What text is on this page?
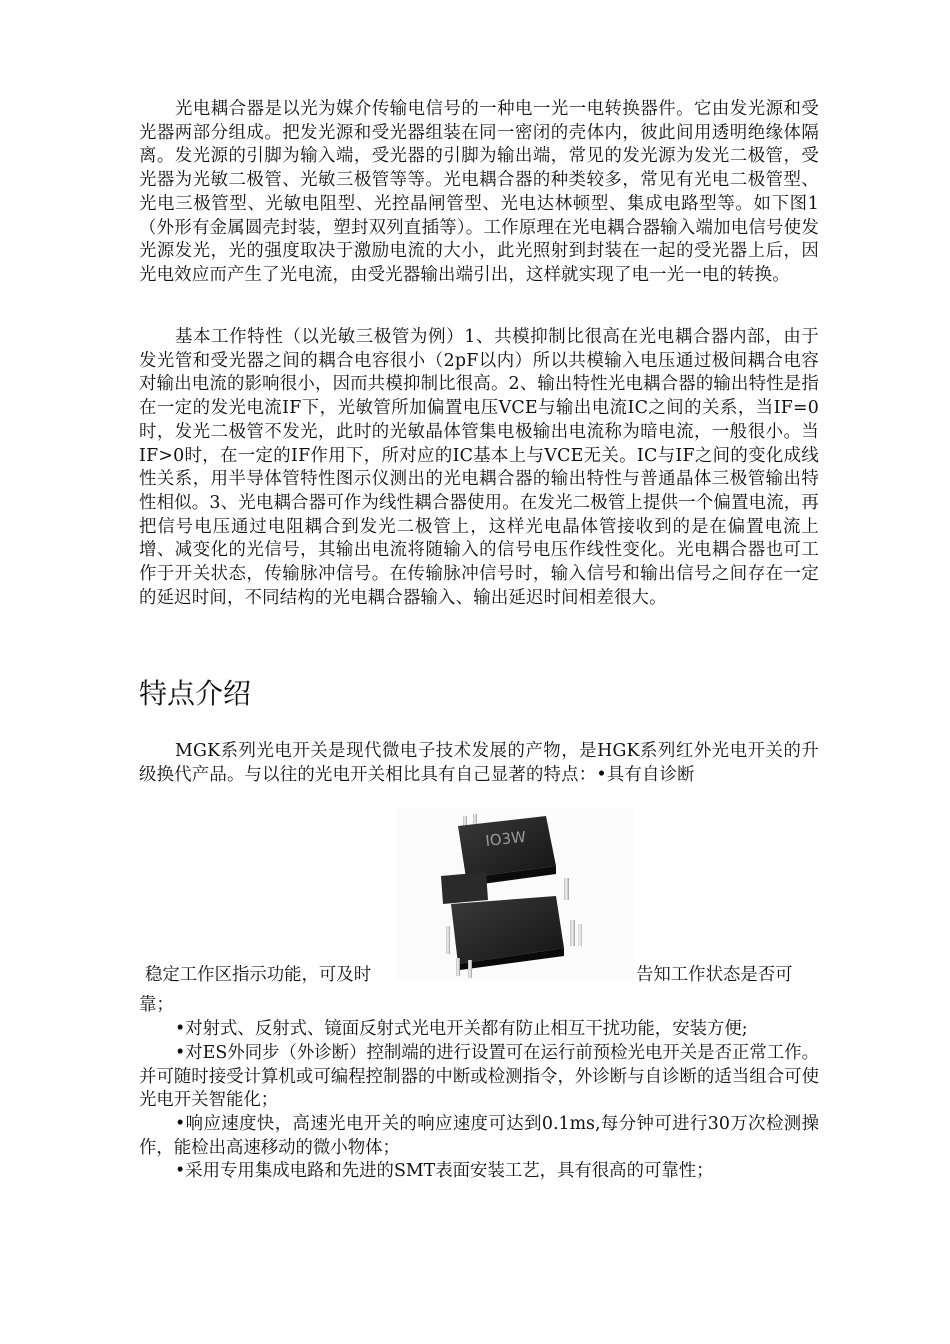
光电耦合器是以光为媒介传输电信号的一种电一光一电转换器件。它由发光源和受光器两部分组成。把发光源和受光器组装在同一密闭的壳体内，彼此间用透明绝缘体隔离。发光源的引脚为输入端，受光器的引脚为输出端，常见的发光源为发光二极管，受光器为光敏二极管、光敏三极管等等。光电耦合器的种类较多，常见有光电二极管型、光电三极管型、光敏电阻型、光控晶闸管型、光电达林顿型、集成电路型等。如下图1（外形有金属圆壳封装，塑封双列直插等）。工作原理在光电耦合器输入端加电信号使发光源发光，光的强度取决于激励电流的大小，此光照射到封装在一起的受光器上后，因光电效应而产生了光电流，由受光器输出端引出，这样就实现了电一光一电的转换。

基本工作特性（以光敏三极管为例）1、共模抑制比很高在光电耦合器内部，由于发光管和受光器之间的耦合电容很小（2pF以内）所以共模输入电压通过极间耦合电容对输出电流的影响很小，因而共模抑制比很高。2、输出特性光电耦合器的输出特性是指在一定的发光电流IF下，光敏管所加偏置电压VCE与输出电流IC之间的关系，当IF=0时，发光二极管不发光，此时的光敏晶体管集电极输出电流称为暗电流，一般很小。当IF>0时，在一定的IF作用下，所对应的IC基本上与VCE无关。IC与IF之间的变化成线性关系，用半导体管特性图示仪测出的光电耦合器的输出特性与普通晶体三极管输出特性相似。3、光电耦合器可作为线性耦合器使用。在发光二极管上提供一个偏置电流，再把信号电压通过电阻耦合到发光二极管上，这样光电晶体管接收到的是在偏置电流上增、减变化的光信号，其输出电流将随输入的信号电压作线性变化。光电耦合器也可工作于开关状态，传输脉冲信号。在传输脉冲信号时，输入信号和输出信号之间存在一定的延迟时间，不同结构的光电耦合器输入、输出延迟时间相差很大。

特点介绍

MGK系列光电开关是现代微电子技术发展的产物，是HGK系列红外光电开关的升级换代产品。与以往的光电开关相比具有自己显著的特点：•具有自诊断

IO3W

稳定工作区指示功能，可及时	告知工作状态是否可

靠；

•对射式、反射式、镜面反射式光电开关都有防止相互干扰功能，安装方便;

•对ES外同步（外诊断）控制端的进行设置可在运行前预检光电开关是否正常工作。并可随时接受计算机或可编程控制器的中断或检测指令，外诊断与自诊断的适当组合可使光电开关智能化；

•响应速度快，高速光电开关的响应速度可达到0.1ms,每分钟可进行30万次检测操作，能检出高速移动的微小物体；

•采用专用集成电路和先进的SMT表面安装工艺，具有很高的可靠性；
